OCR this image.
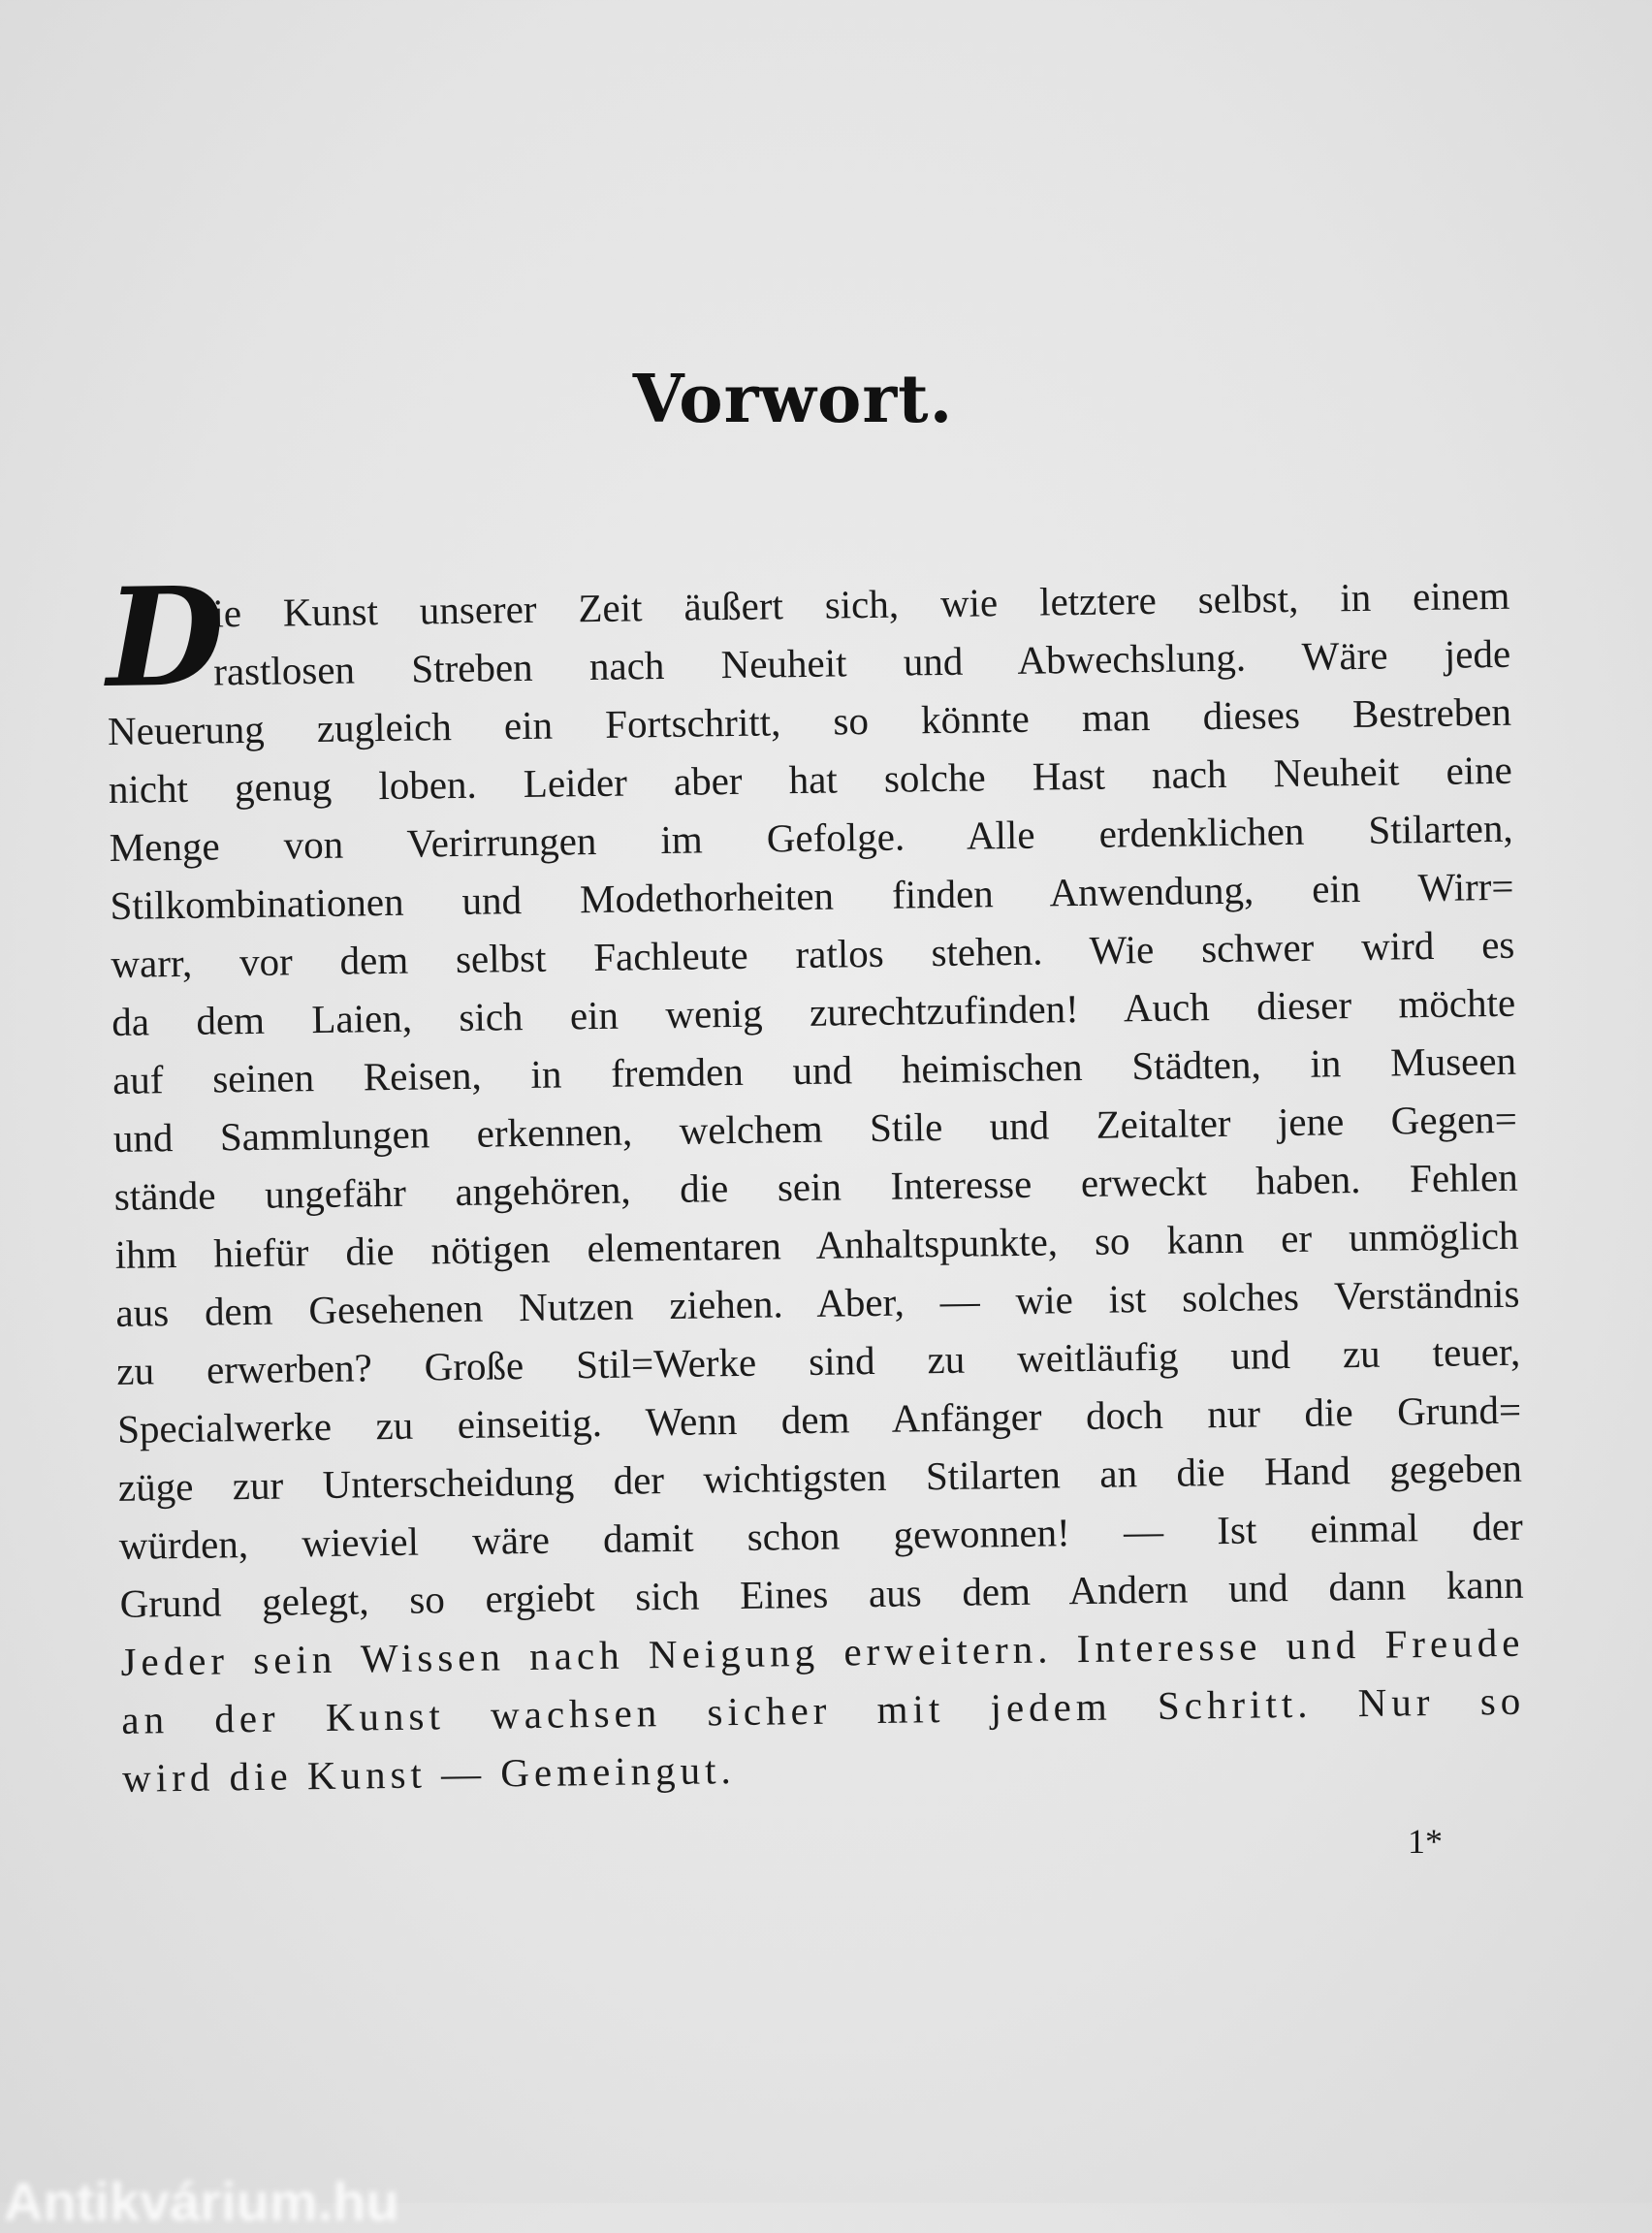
Vorwort.
D
ie Kunst unserer Zeit äußert sich, wie letztere selbst, in einem
rastlosen Streben nach Neuheit und Abwechslung. Wäre jede
Neuerung zugleich ein Fortschritt, so könnte man dieses Bestreben
nicht genug loben. Leider aber hat solche Hast nach Neuheit eine
Menge von Verirrungen im Gefolge. Alle erdenklichen Stilarten,
Stilkombinationen und Modethorheiten finden Anwendung, ein Wirr=
warr, vor dem selbst Fachleute ratlos stehen. Wie schwer wird es
da dem Laien, sich ein wenig zurechtzufinden! Auch dieser möchte
auf seinen Reisen, in fremden und heimischen Städten, in Museen
und Sammlungen erkennen, welchem Stile und Zeitalter jene Gegen=
stände ungefähr angehören, die sein Interesse erweckt haben. Fehlen
ihm hiefür die nötigen elementaren Anhaltspunkte, so kann er unmöglich
aus dem Gesehenen Nutzen ziehen. Aber, — wie ist solches Verständnis
zu erwerben? Große Stil=Werke sind zu weitläufig und zu teuer,
Specialwerke zu einseitig. Wenn dem Anfänger doch nur die Grund=
züge zur Unterscheidung der wichtigsten Stilarten an die Hand gegeben
würden, wieviel wäre damit schon gewonnen! — Ist einmal der
Grund gelegt, so ergiebt sich Eines aus dem Andern und dann kann
Jeder sein Wissen nach Neigung erweitern. Interesse und Freude
an der Kunst wachsen sicher mit jedem Schritt. Nur so
wird die Kunst — Gemeingut.
1*
Antikvárium.hu
